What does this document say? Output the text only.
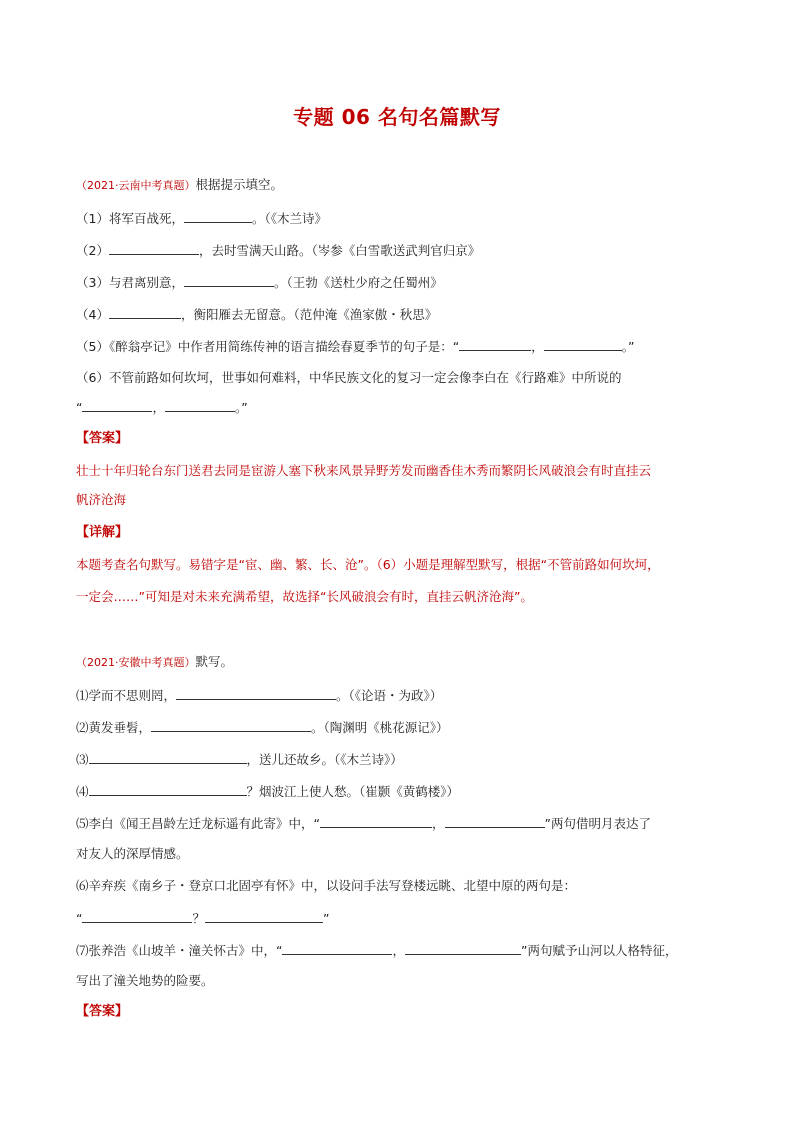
专题 06 名句名篇默写
（2021·云南中考真题）根据提示填空。
（1）将军百战死，	。（《木兰诗》
（2）	，去时雪满天山路。（岑参《白雪歌送武判官归京》
（3）与君离别意，	。（王勃《送杜少府之任蜀州》
（4）	，衡阳雁去无留意。（范仲淹《渔家傲・秋思》
（5）《醉翁亭记》中作者用简练传神的语言描绘春夏季节的句子是：“	，	。”
（6）不管前路如何坎坷，世事如何难料，中华民族文化的复习一定会像李白在《行路难》中所说的
“	，	。”
【答案】
壮士十年归轮台东门送君去同是宦游人塞下秋来风景异野芳发而幽香佳木秀而繁阴长风破浪会有时直挂云
帆济沧海
【详解】
本题考查名句默写。易错字是“宦、幽、繁、长、沧”。（6）小题是理解型默写，根据“不管前路如何坎坷，
一定会……”可知是对未来充满希望，故选择“长风破浪会有时，直挂云帆济沧海”。
（2021·安徽中考真题）默写。
⑴学而不思则罔，	。（《论语・为政》）
⑵黄发垂髫，	。（陶渊明《桃花源记》）
⑶	，送儿还故乡。（《木兰诗》）
⑷	？烟波江上使人愁。（崔颢《黄鹤楼》）
⑸李白《闻王昌龄左迁龙标遥有此寄》中，“	，	”两句借明月表达了
对友人的深厚情感。
⑹辛弃疾《南乡子・登京口北固亭有怀》中，以设问手法写登楼远眺、北望中原的两句是：
“	？	”
⑺张养浩《山坡羊・潼关怀古》中，“	，	”两句赋予山河以人格特征，
写出了潼关地势的险要。
【答案】
